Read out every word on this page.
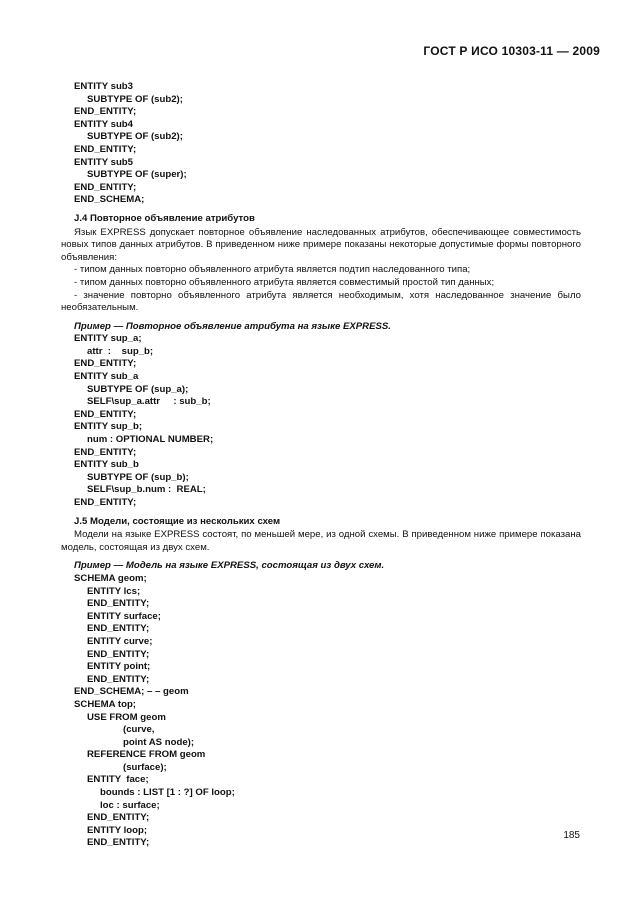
ГОСТ Р ИСО 10303-11 — 2009

ENTITY sub3

SUBTYPE OF (sub2);

END_ENTITY;

ENTITY sub4

SUBTYPE OF (sub2);

END_ENTITY;

ENTITY sub5

SUBTYPE OF (super);

END_ENTITY;

END_SCHEMA;

J.4 Повторное объявление атрибутов

Язык EXPRESS допускает повторное объявление наследованных атрибутов, обеспечивающее совместимость новых типов данных атрибутов. В приведенном ниже примере показаны некоторые допустимые формы повторного объявления:

- типом данных повторно объявленного атрибута является подтип наследованного типа;

- типом данных повторно объявленного атрибута является совместимый простой тип данных;

- значение повторно объявленного атрибута является необходимым, хотя наследованное значение было необязательным.

Пример — Повторное объявление атрибута на языке EXPRESS.

ENTITY sup_a;

attr  :    sup_b;

END_ENTITY;

ENTITY sub_a

SUBTYPE OF (sup_a);

SELF\sup_a.attr     : sub_b;

END_ENTITY;

ENTITY sup_b;

num : OPTIONAL NUMBER;

END_ENTITY;

ENTITY sub_b

SUBTYPE OF (sup_b);

SELF\sup_b.num :  REAL;

END_ENTITY;

J.5 Модели, состоящие из нескольких схем

Модели на языке EXPRESS состоят, по меньшей мере, из одной схемы. В приведенном ниже примере показана модель, состоящая из двух схем.

Пример — Модель на языке EXPRESS, состоящая из двух схем.

SCHEMA geom;

ENTITY lcs;

END_ENTITY;

ENTITY surface;

END_ENTITY;

ENTITY curve;

END_ENTITY;

ENTITY point;

END_ENTITY;

END_SCHEMA; – – geom

SCHEMA top;

USE FROM geom

(curve,

point AS node);

REFERENCE FROM geom

(surface);

ENTITY  face;

bounds : LIST [1 : ?] OF loop;

loc : surface;

END_ENTITY;

ENTITY loop;

END_ENTITY;

185
